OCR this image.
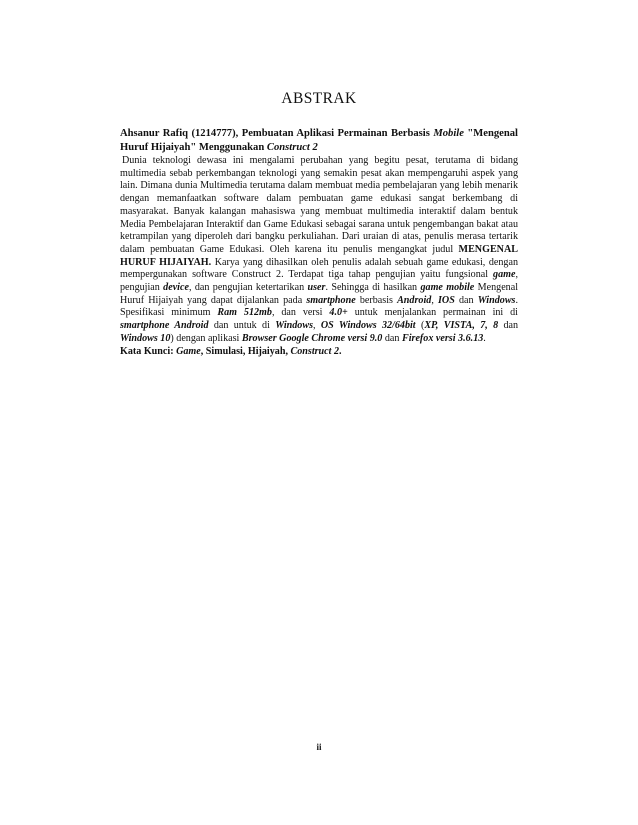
ABSTRAK
Ahsanur Rafiq (1214777), Pembuatan Aplikasi Permainan Berbasis Mobile "Mengenal Huruf Hijaiyah" Menggunakan Construct 2

Dunia teknologi dewasa ini mengalami perubahan yang begitu pesat, terutama di bidang multimedia sebab perkembangan teknologi yang semakin pesat akan mempengaruhi aspek yang lain. Dimana dunia Multimedia terutama dalam membuat media pembelajaran yang lebih menarik dengan memanfaatkan software dalam pembuatan game edukasi sangat berkembang di masyarakat. Banyak kalangan mahasiswa yang membuat multimedia interaktif dalam bentuk Media Pembelajaran Interaktif dan Game Edukasi sebagai sarana untuk pengembangan bakat atau ketrampilan yang diperoleh dari bangku perkuliahan. Dari uraian di atas, penulis merasa tertarik dalam pembuatan Game Edukasi. Oleh karena itu penulis mengangkat judul MENGENAL HURUF HIJAIYAH. Karya yang dihasilkan oleh penulis adalah sebuah game edukasi, dengan mempergunakan software Construct 2. Terdapat tiga tahap pengujian yaitu fungsional game, pengujian device, dan pengujian ketertarikan user. Sehingga di hasilkan game mobile Mengenal Huruf Hijaiyah yang dapat dijalankan pada smartphone berbasis Android, IOS dan Windows. Spesifikasi minimum Ram 512mb, dan versi 4.0+ untuk menjalankan permainan ini di smartphone Android dan untuk di Windows, OS Windows 32/64bit (XP, VISTA, 7, 8 dan Windows 10) dengan aplikasi Browser Google Chrome versi 9.0 dan Firefox versi 3.6.13.

Kata Kunci: Game, Simulasi, Hijaiyah, Construct 2.

ii
